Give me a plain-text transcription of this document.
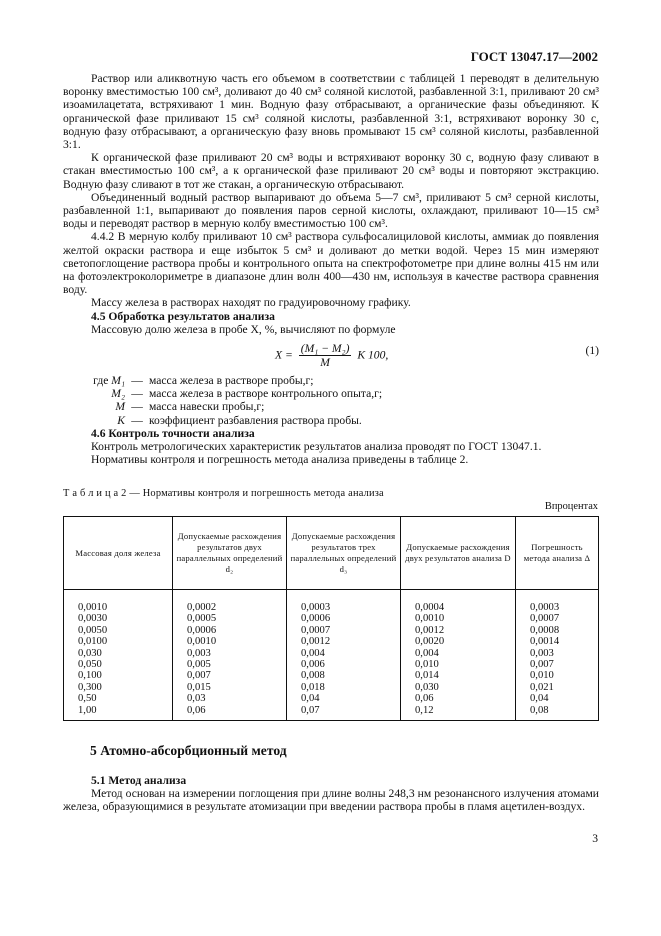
ГОСТ 13047.17—2002

Раствор или аликвотную часть его объемом в соответствии с таблицей 1 переводят в делительную воронку вместимостью 100 см³, доливают до 40 см³ соляной кислотой, разбавленной 3:1, приливают 20 см³ изоамилацетата, встряхивают 1 мин. Водную фазу отбрасывают, а органические фазы объединяют. К органической фазе приливают 15 см³ соляной кислоты, разбавленной 3:1, встряхивают воронку 30 с, водную фазу отбрасывают, а органическую фазу вновь промывают 15 см³ соляной кислоты, разбавленной 3:1.

К органической фазе приливают 20 см³ воды и встряхивают воронку 30 с, водную фазу сливают в стакан вместимостью 100 см³, а к органической фазе приливают 20 см³ воды и повторяют экстракцию. Водную фазу сливают в тот же стакан, а органическую отбрасывают.

Объединенный водный раствор выпаривают до объема 5—7 см³, приливают 5 см³ серной кислоты, разбавленной 1:1, выпаривают до появления паров серной кислоты, охлаждают, приливают 10—15 см³ воды и переводят раствор в мерную колбу вместимостью 100 см³.

4.4.2 В мерную колбу приливают 10 см³ раствора сульфосалициловой кислоты, аммиак до появления желтой окраски раствора и еще избыток 5 см³ и доливают до метки водой. Через 15 мин измеряют светопоглощение раствора пробы и контрольного опыта на спектрофотометре при длине волны 415 нм или на фотоэлектроколориметре в диапазоне длин волн 400—430 нм, используя в качестве раствора сравнения воду.

Массу железа в растворах находят по градуировочному графику.

4.5 Обработка результатов анализа

Массовую долю железа в пробе X, %, вычисляют по формуле

$X = \frac{\text{(M₁ − M₂)}}{M}$ K 100,	(1)
где M₁ — масса железа в растворе пробы,г;
M₂ — масса железа в растворе контрольного опыта,г;
M — масса навески пробы,г;
K — коэффициент разбавления раствора пробы.
4.6 Контроль точности анализа

Контроль метрологических характеристик результатов анализа проводят по ГОСТ 13047.1.

Нормативы контроля и погрешность метода анализа приведены в таблице 2.

Т а б л и ц а 2 — Нормативы контроля и погрешность метода анализа
Впроцентах
Массовая доля железа	Допускаемые расхождения результатов двух параллельных определений d₂	Допускаемые расхождения результатов трех параллельных определений d₃	Допускаемые расхождения двух результатов анализа D	Погрешность метода анализа Δ
0,0010	0,0002	0,0003	0,0004	0,0003
0,0030	0,0005	0,0006	0,0010	0,0007
0,0050	0,0006	0,0007	0,0012	0,0008
0,0100	0,0010	0,0012	0,0020	0,0014
0,030	0,003	0,004	0,004	0,003
0,050	0,005	0,006	0,010	0,007
0,100	0,007	0,008	0,014	0,010
0,300	0,015	0,018	0,030	0,021
0,50	0,03	0,04	0,06	0,04
1,00	0,06	0,07	0,12	0,08
5 Атомно-абсорбционный метод
5.1 Метод анализа

Метод основан на измерении поглощения при длине волны 248,3 нм резонансного излучения атомами железа, образующимися в результате атомизации при введении раствора пробы в пламя ацетилен-воздух.

3
